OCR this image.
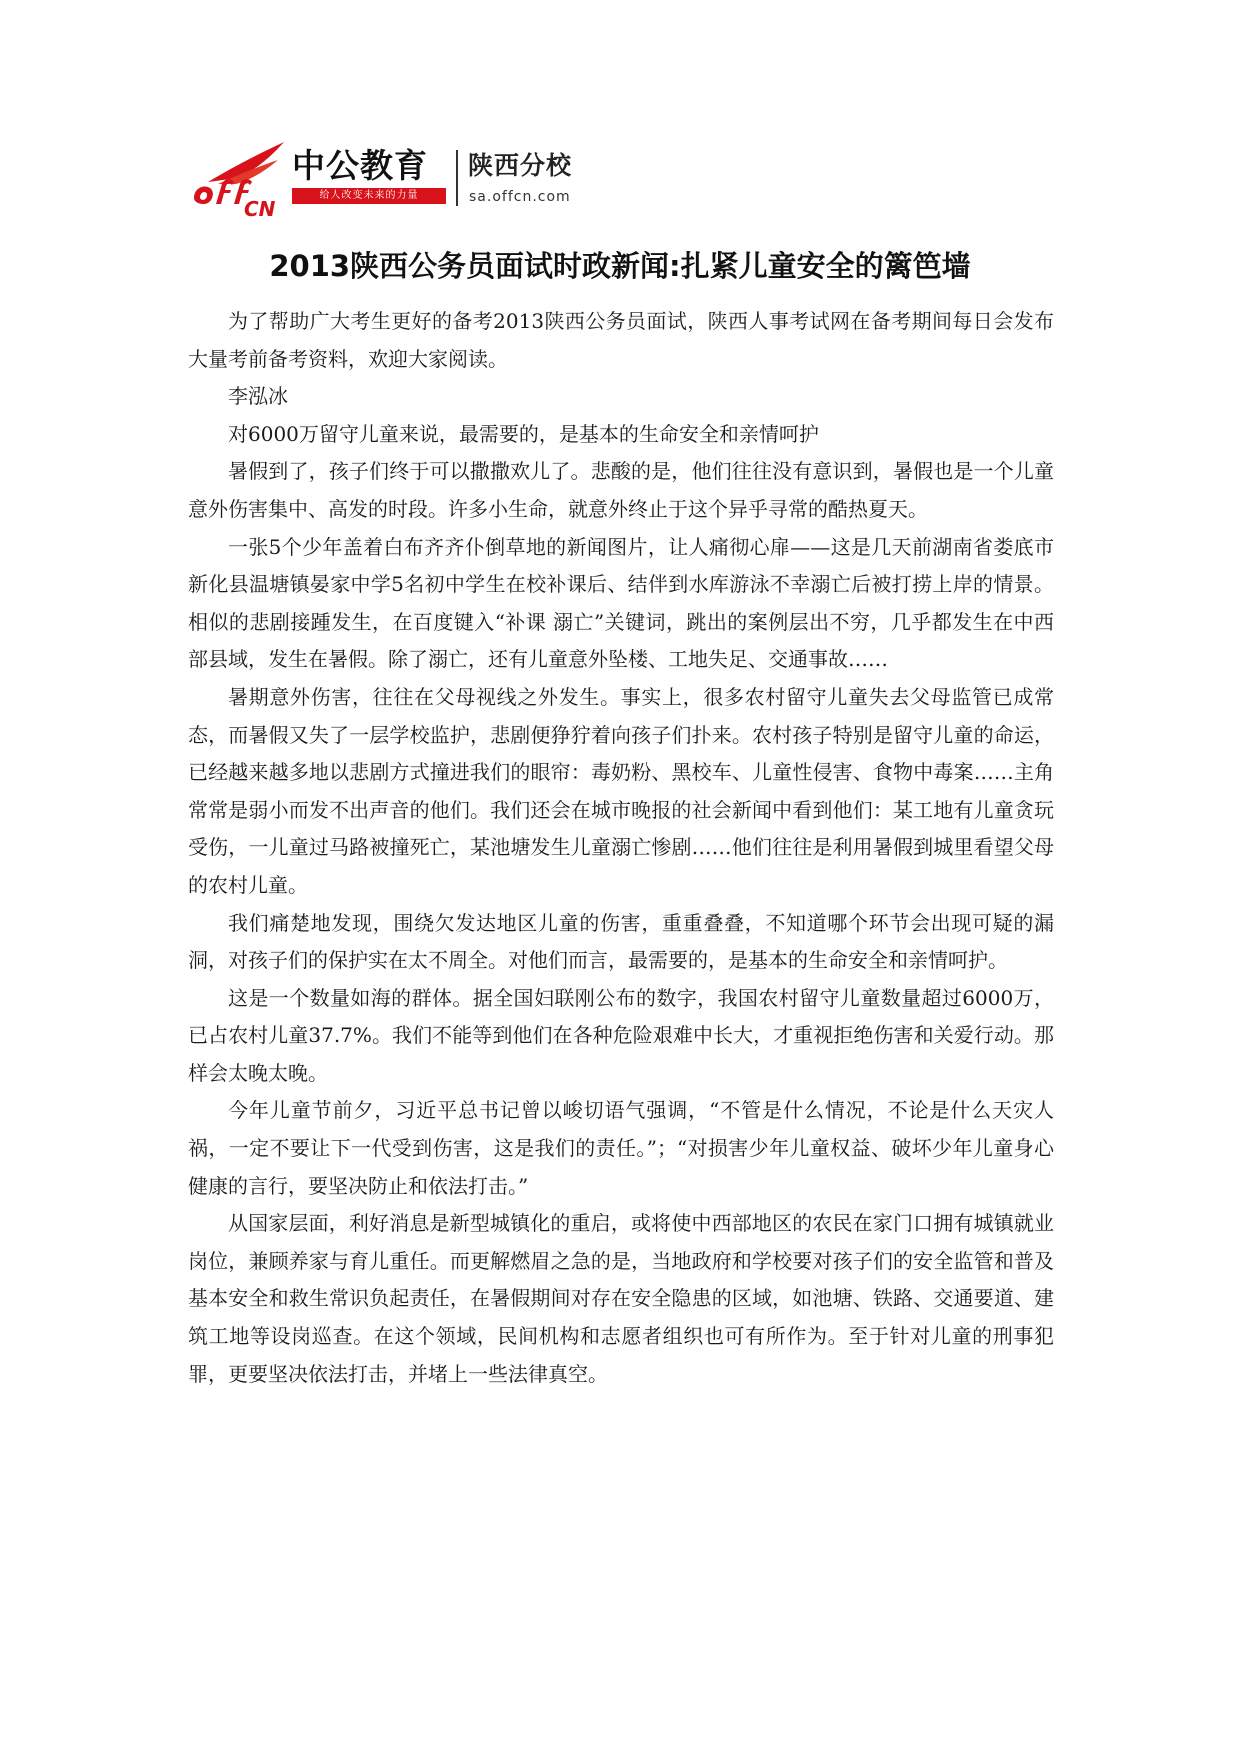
CN
中公教育
给人改变未来的力量
陕西分校
sa.offcn.com
2013陕西公务员面试时政新闻:扎紧儿童安全的篱笆墙

为了帮助广大考生更好的备考2013陕西公务员面试，陕西人事考试网在备考期间每日会发布大量考前备考资料，欢迎大家阅读。

李泓冰

对6000万留守儿童来说，最需要的，是基本的生命安全和亲情呵护

暑假到了，孩子们终于可以撒撒欢儿了。悲酸的是，他们往往没有意识到，暑假也是一个儿童意外伤害集中、高发的时段。许多小生命，就意外终止于这个异乎寻常的酷热夏天。

一张5个少年盖着白布齐齐仆倒草地的新闻图片，让人痛彻心扉——这是几天前湖南省娄底市新化县温塘镇晏家中学5名初中学生在校补课后、结伴到水库游泳不幸溺亡后被打捞上岸的情景。相似的悲剧接踵发生，在百度键入“补课 溺亡”关键词，跳出的案例层出不穷，几乎都发生在中西部县域，发生在暑假。除了溺亡，还有儿童意外坠楼、工地失足、交通事故……

暑期意外伤害，往往在父母视线之外发生。事实上，很多农村留守儿童失去父母监管已成常态，而暑假又失了一层学校监护，悲剧便狰狞着向孩子们扑来。农村孩子特别是留守儿童的命运，已经越来越多地以悲剧方式撞进我们的眼帘：毒奶粉、黑校车、儿童性侵害、食物中毒案……主角常常是弱小而发不出声音的他们。我们还会在城市晚报的社会新闻中看到他们：某工地有儿童贪玩受伤，一儿童过马路被撞死亡，某池塘发生儿童溺亡惨剧……他们往往是利用暑假到城里看望父母的农村儿童。

我们痛楚地发现，围绕欠发达地区儿童的伤害，重重叠叠，不知道哪个环节会出现可疑的漏洞，对孩子们的保护实在太不周全。对他们而言，最需要的，是基本的生命安全和亲情呵护。

这是一个数量如海的群体。据全国妇联刚公布的数字，我国农村留守儿童数量超过6000万，已占农村儿童37.7%。我们不能等到他们在各种危险艰难中长大，才重视拒绝伤害和关爱行动。那样会太晚太晚。

今年儿童节前夕，习近平总书记曾以峻切语气强调，“不管是什么情况，不论是什么天灾人祸，一定不要让下一代受到伤害，这是我们的责任。”；“对损害少年儿童权益、破坏少年儿童身心健康的言行，要坚决防止和依法打击。”

从国家层面，利好消息是新型城镇化的重启，或将使中西部地区的农民在家门口拥有城镇就业岗位，兼顾养家与育儿重任。而更解燃眉之急的是，当地政府和学校要对孩子们的安全监管和普及基本安全和救生常识负起责任，在暑假期间对存在安全隐患的区域，如池塘、铁路、交通要道、建筑工地等设岗巡查。在这个领域，民间机构和志愿者组织也可有所作为。至于针对儿童的刑事犯罪，更要坚决依法打击，并堵上一些法律真空。
